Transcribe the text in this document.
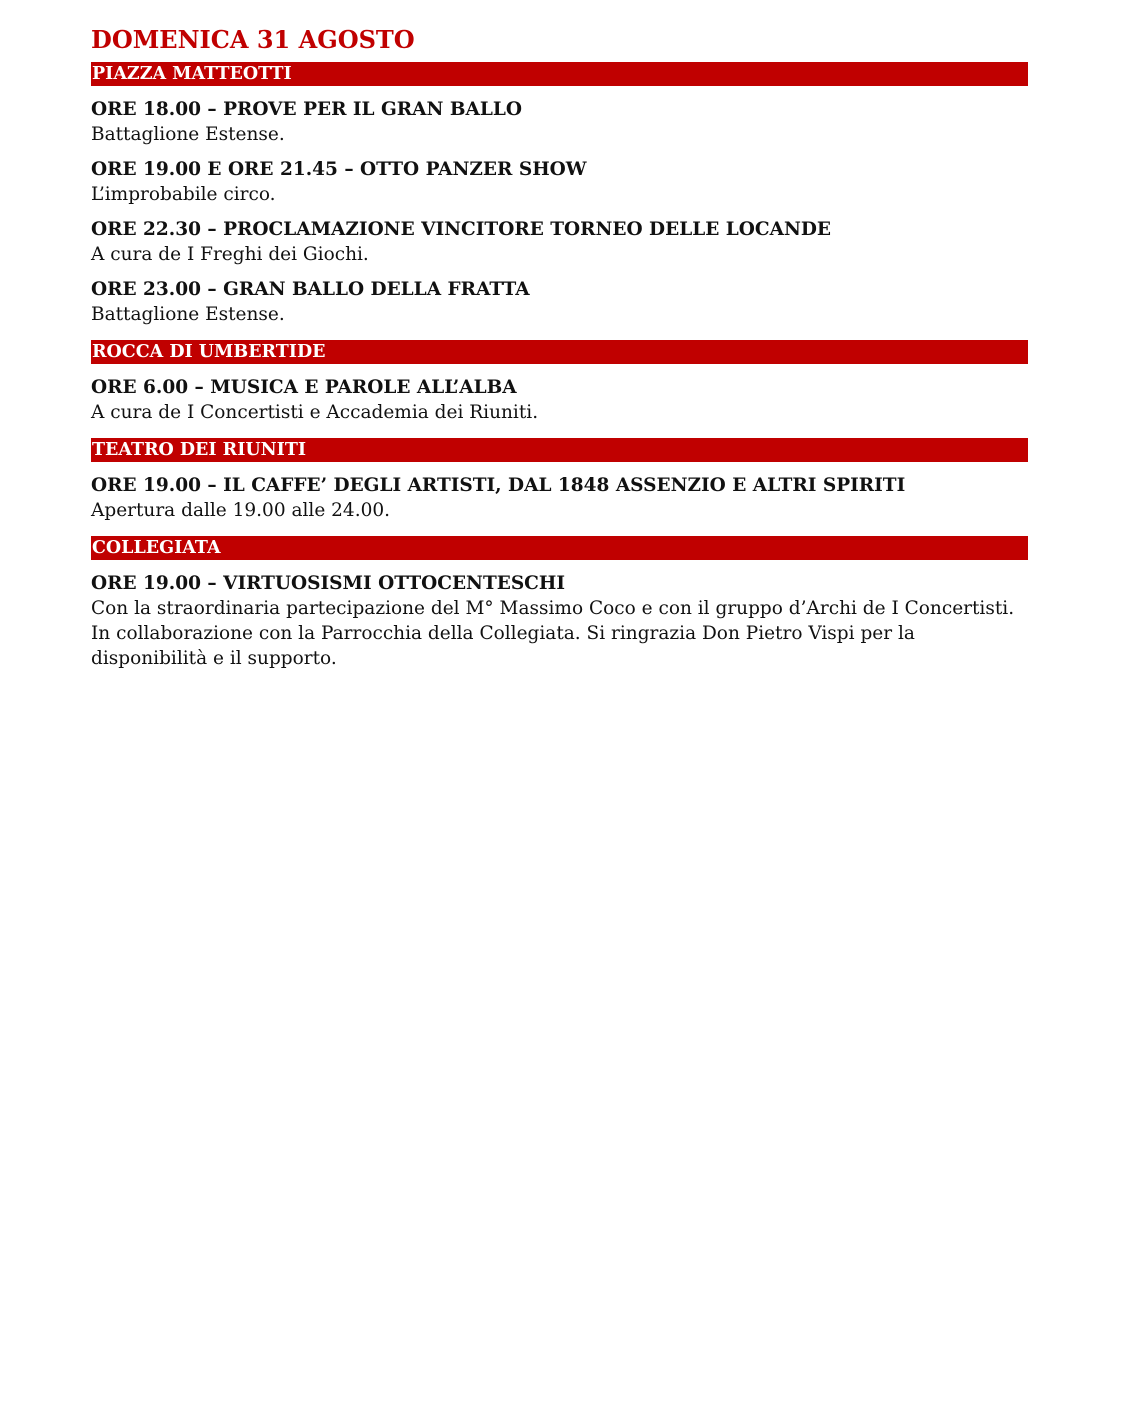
DOMENICA 31 AGOSTO
PIAZZA MATTEOTTI
ORE 18.00 – PROVE PER IL GRAN BALLO
Battaglione Estense.
ORE 19.00 E ORE 21.45 – OTTO PANZER SHOW
L’improbabile circo.
ORE 22.30 – PROCLAMAZIONE VINCITORE TORNEO DELLE LOCANDE
A cura de I Freghi dei Giochi.
ORE 23.00 – GRAN BALLO DELLA FRATTA
Battaglione Estense.
ROCCA DI UMBERTIDE
ORE 6.00 – MUSICA E PAROLE ALL’ALBA
A cura de I Concertisti e Accademia dei Riuniti.
TEATRO DEI RIUNITI
ORE 19.00 – IL CAFFE’ DEGLI ARTISTI, DAL 1848 ASSENZIO E ALTRI SPIRITI
Apertura dalle 19.00 alle 24.00.
COLLEGIATA
ORE 19.00 – VIRTUOSISMI OTTOCENTESCHI
Con la straordinaria partecipazione del M° Massimo Coco e con il gruppo d’Archi de I Concertisti. In collaborazione con la Parrocchia della Collegiata. Si ringrazia Don Pietro Vispi per la disponibilità e il supporto.
